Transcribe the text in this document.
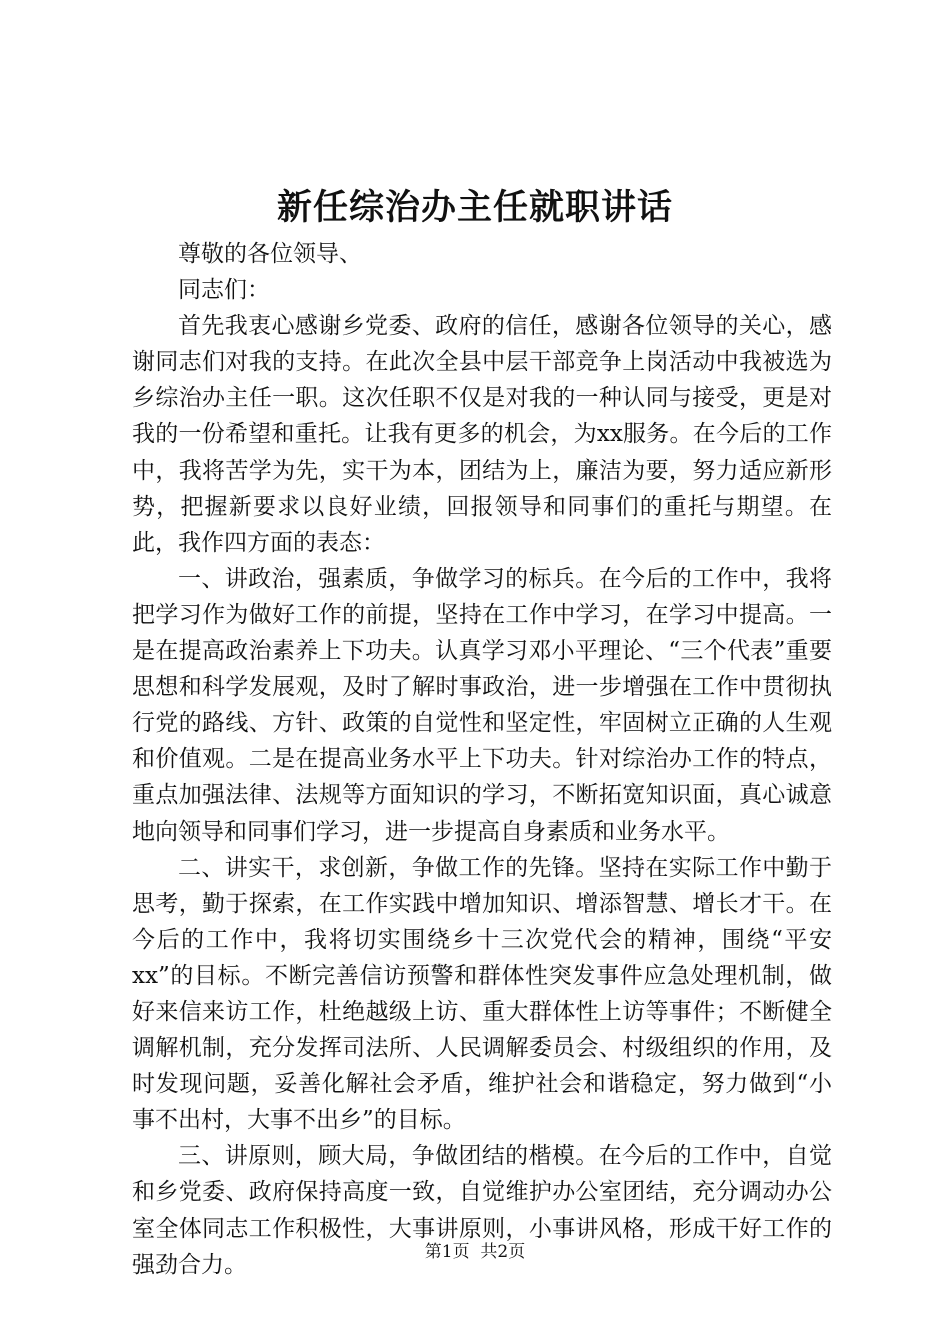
新任综治办主任就职讲话

尊敬的各位领导、

同志们：

首先我衷心感谢乡党委、政府的信任，感谢各位领导的关心，感谢同志们对我的支持。在此次全县中层干部竞争上岗活动中我被选为乡综治办主任一职。这次任职不仅是对我的一种认同与接受，更是对我的一份希望和重托。让我有更多的机会，为xx服务。在今后的工作中，我将苦学为先，实干为本，团结为上，廉洁为要，努力适应新形势，把握新要求以良好业绩，回报领导和同事们的重托与期望。在此，我作四方面的表态：

一、讲政治，强素质，争做学习的标兵。在今后的工作中，我将把学习作为做好工作的前提，坚持在工作中学习，在学习中提高。一是在提高政治素养上下功夫。认真学习邓小平理论、“三个代表”重要思想和科学发展观，及时了解时事政治，进一步增强在工作中贯彻执行党的路线、方针、政策的自觉性和坚定性，牢固树立正确的人生观和价值观。二是在提高业务水平上下功夫。针对综治办工作的特点，重点加强法律、法规等方面知识的学习，不断拓宽知识面，真心诚意地向领导和同事们学习，进一步提高自身素质和业务水平。

二、讲实干，求创新，争做工作的先锋。坚持在实际工作中勤于思考，勤于探索，在工作实践中增加知识、增添智慧、增长才干。在今后的工作中，我将切实围绕乡十三次党代会的精神，围绕“平安xx”的目标。不断完善信访预警和群体性突发事件应急处理机制，做好来信来访工作，杜绝越级上访、重大群体性上访等事件；不断健全调解机制，充分发挥司法所、人民调解委员会、村级组织的作用，及时发现问题，妥善化解社会矛盾，维护社会和谐稳定，努力做到“小事不出村，大事不出乡”的目标。

三、讲原则，顾大局，争做团结的楷模。在今后的工作中，自觉和乡党委、政府保持高度一致，自觉维护办公室团结，充分调动办公室全体同志工作积极性，大事讲原则，小事讲风格，形成干好工作的强劲合力。	第1页 共2页
